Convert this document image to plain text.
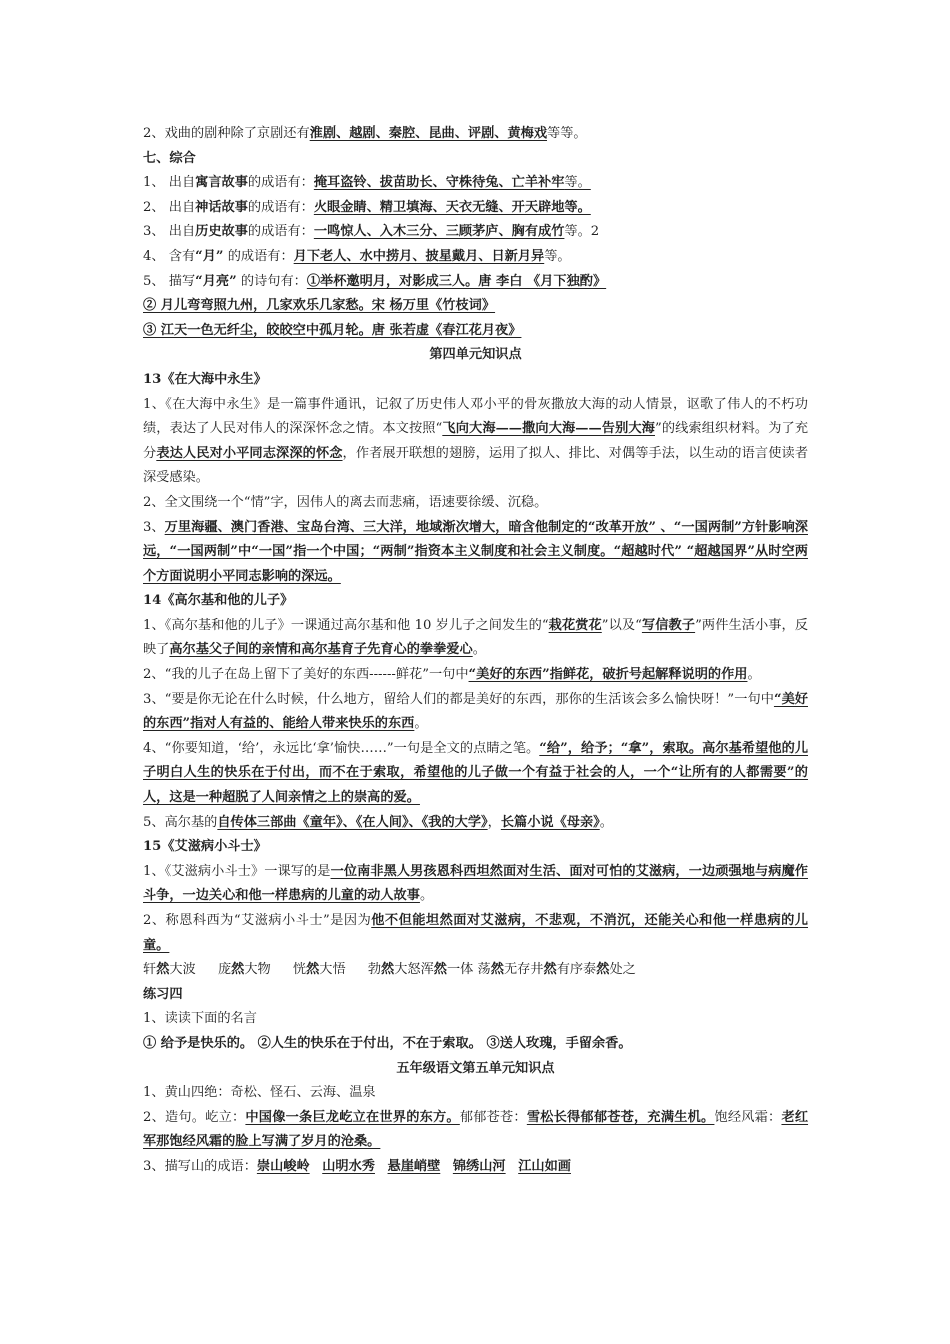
2、戏曲的剧种除了京剧还有淮剧、越剧、秦腔、昆曲、评剧、黄梅戏等等。

七、综合

1、 出自寓言故事的成语有：掩耳盗铃、拔苗助长、守株待兔、亡羊补牢等。

2、 出自神话故事的成语有：火眼金睛、精卫填海、天衣无缝、开天辟地等。

3、 出自历史故事的成语有：一鸣惊人、入木三分、三顾茅庐、胸有成竹等。2

4、 含有“月” 的成语有：月下老人、水中捞月、披星戴月、日新月异等。

5、 描写“月亮” 的诗句有：①举杯邀明月，对影成三人。唐 李白 《月下独酌》

② 月儿弯弯照九州，几家欢乐几家愁。宋 杨万里《竹枝词》

③ 江天一色无纤尘，皎皎空中孤月轮。唐 张若虚《春江花月夜》

第四单元知识点

13《在大海中永生》

1、《在大海中永生》是一篇事件通讯，记叙了历史伟人邓小平的骨灰撒放大海的动人情景，讴歌了伟人的不朽功绩，表达了人民对伟人的深深怀念之情。本文按照“飞向大海——撒向大海——告别大海”的线索组织材料。为了充分表达人民对小平同志深深的怀念，作者展开联想的翅膀，运用了拟人、排比、对偶等手法，以生动的语言使读者深受感染。

2、全文围绕一个“情”字，因伟人的离去而悲痛，语速要徐缓、沉稳。

3、万里海疆、澳门香港、宝岛台湾、三大洋，地域渐次增大，暗含他制定的“改革开放” 、“一国两制”方针影响深远，“一国两制”中“一国”指一个中国；“两制”指资本主义制度和社会主义制度。“超越时代” “超越国界”从时空两个方面说明小平同志影响的深远。

14《高尔基和他的儿子》

1、《高尔基和他的儿子》一课通过高尔基和他 10 岁儿子之间发生的“栽花赏花”以及“写信教子”两件生活小事，反映了高尔基父子间的亲情和高尔基育子先育心的拳拳爱心。

2、“我的儿子在岛上留下了美好的东西------鲜花”一句中“美好的东西”指鲜花，破折号起解释说明的作用。

3、“要是你无论在什么时候，什么地方，留给人们的都是美好的东西，那你的生活该会多么愉快呀！”一句中“美好的东西”指对人有益的、能给人带来快乐的东西。

4、“你要知道，‘给’，永远比‘拿’愉快……”一句是全文的点睛之笔。“给”，给予；“拿”，索取。高尔基希望他的儿子明白人生的快乐在于付出，而不在于索取，希望他的儿子做一个有益于社会的人，一个“让所有的人都需要”的人，这是一种超脱了人间亲情之上的崇高的爱。

5、高尔基的自传体三部曲《童年》、《在人间》、《我的大学》，长篇小说《母亲》。

15《艾滋病小斗士》

1、《艾滋病小斗士》一课写的是一位南非黑人男孩恩科西坦然面对生活、面对可怕的艾滋病，一边顽强地与病魔作斗争，一边关心和他一样患病的儿童的动人故事。

2、称恩科西为“艾滋病小斗士”是因为他不但能坦然面对艾滋病，不悲观，不消沉，还能关心和他一样患病的儿童。

轩然大波 庞然大物 恍然大悟 勃然大怒浑然一体 荡然无存井然有序泰然处之

练习四

1、读读下面的名言

① 给予是快乐的。 ②人生的快乐在于付出，不在于索取。 ③送人玫瑰，手留余香。

五年级语文第五单元知识点

1、黄山四绝：奇松、怪石、云海、温泉

2、造句。屹立：中国像一条巨龙屹立在世界的东方。郁郁苍苍：雪松长得郁郁苍苍，充满生机。饱经风霜：老红军那饱经风霜的脸上写满了岁月的沧桑。

3、描写山的成语：崇山峻岭 山明水秀 悬崖峭壁 锦绣山河 江山如画
